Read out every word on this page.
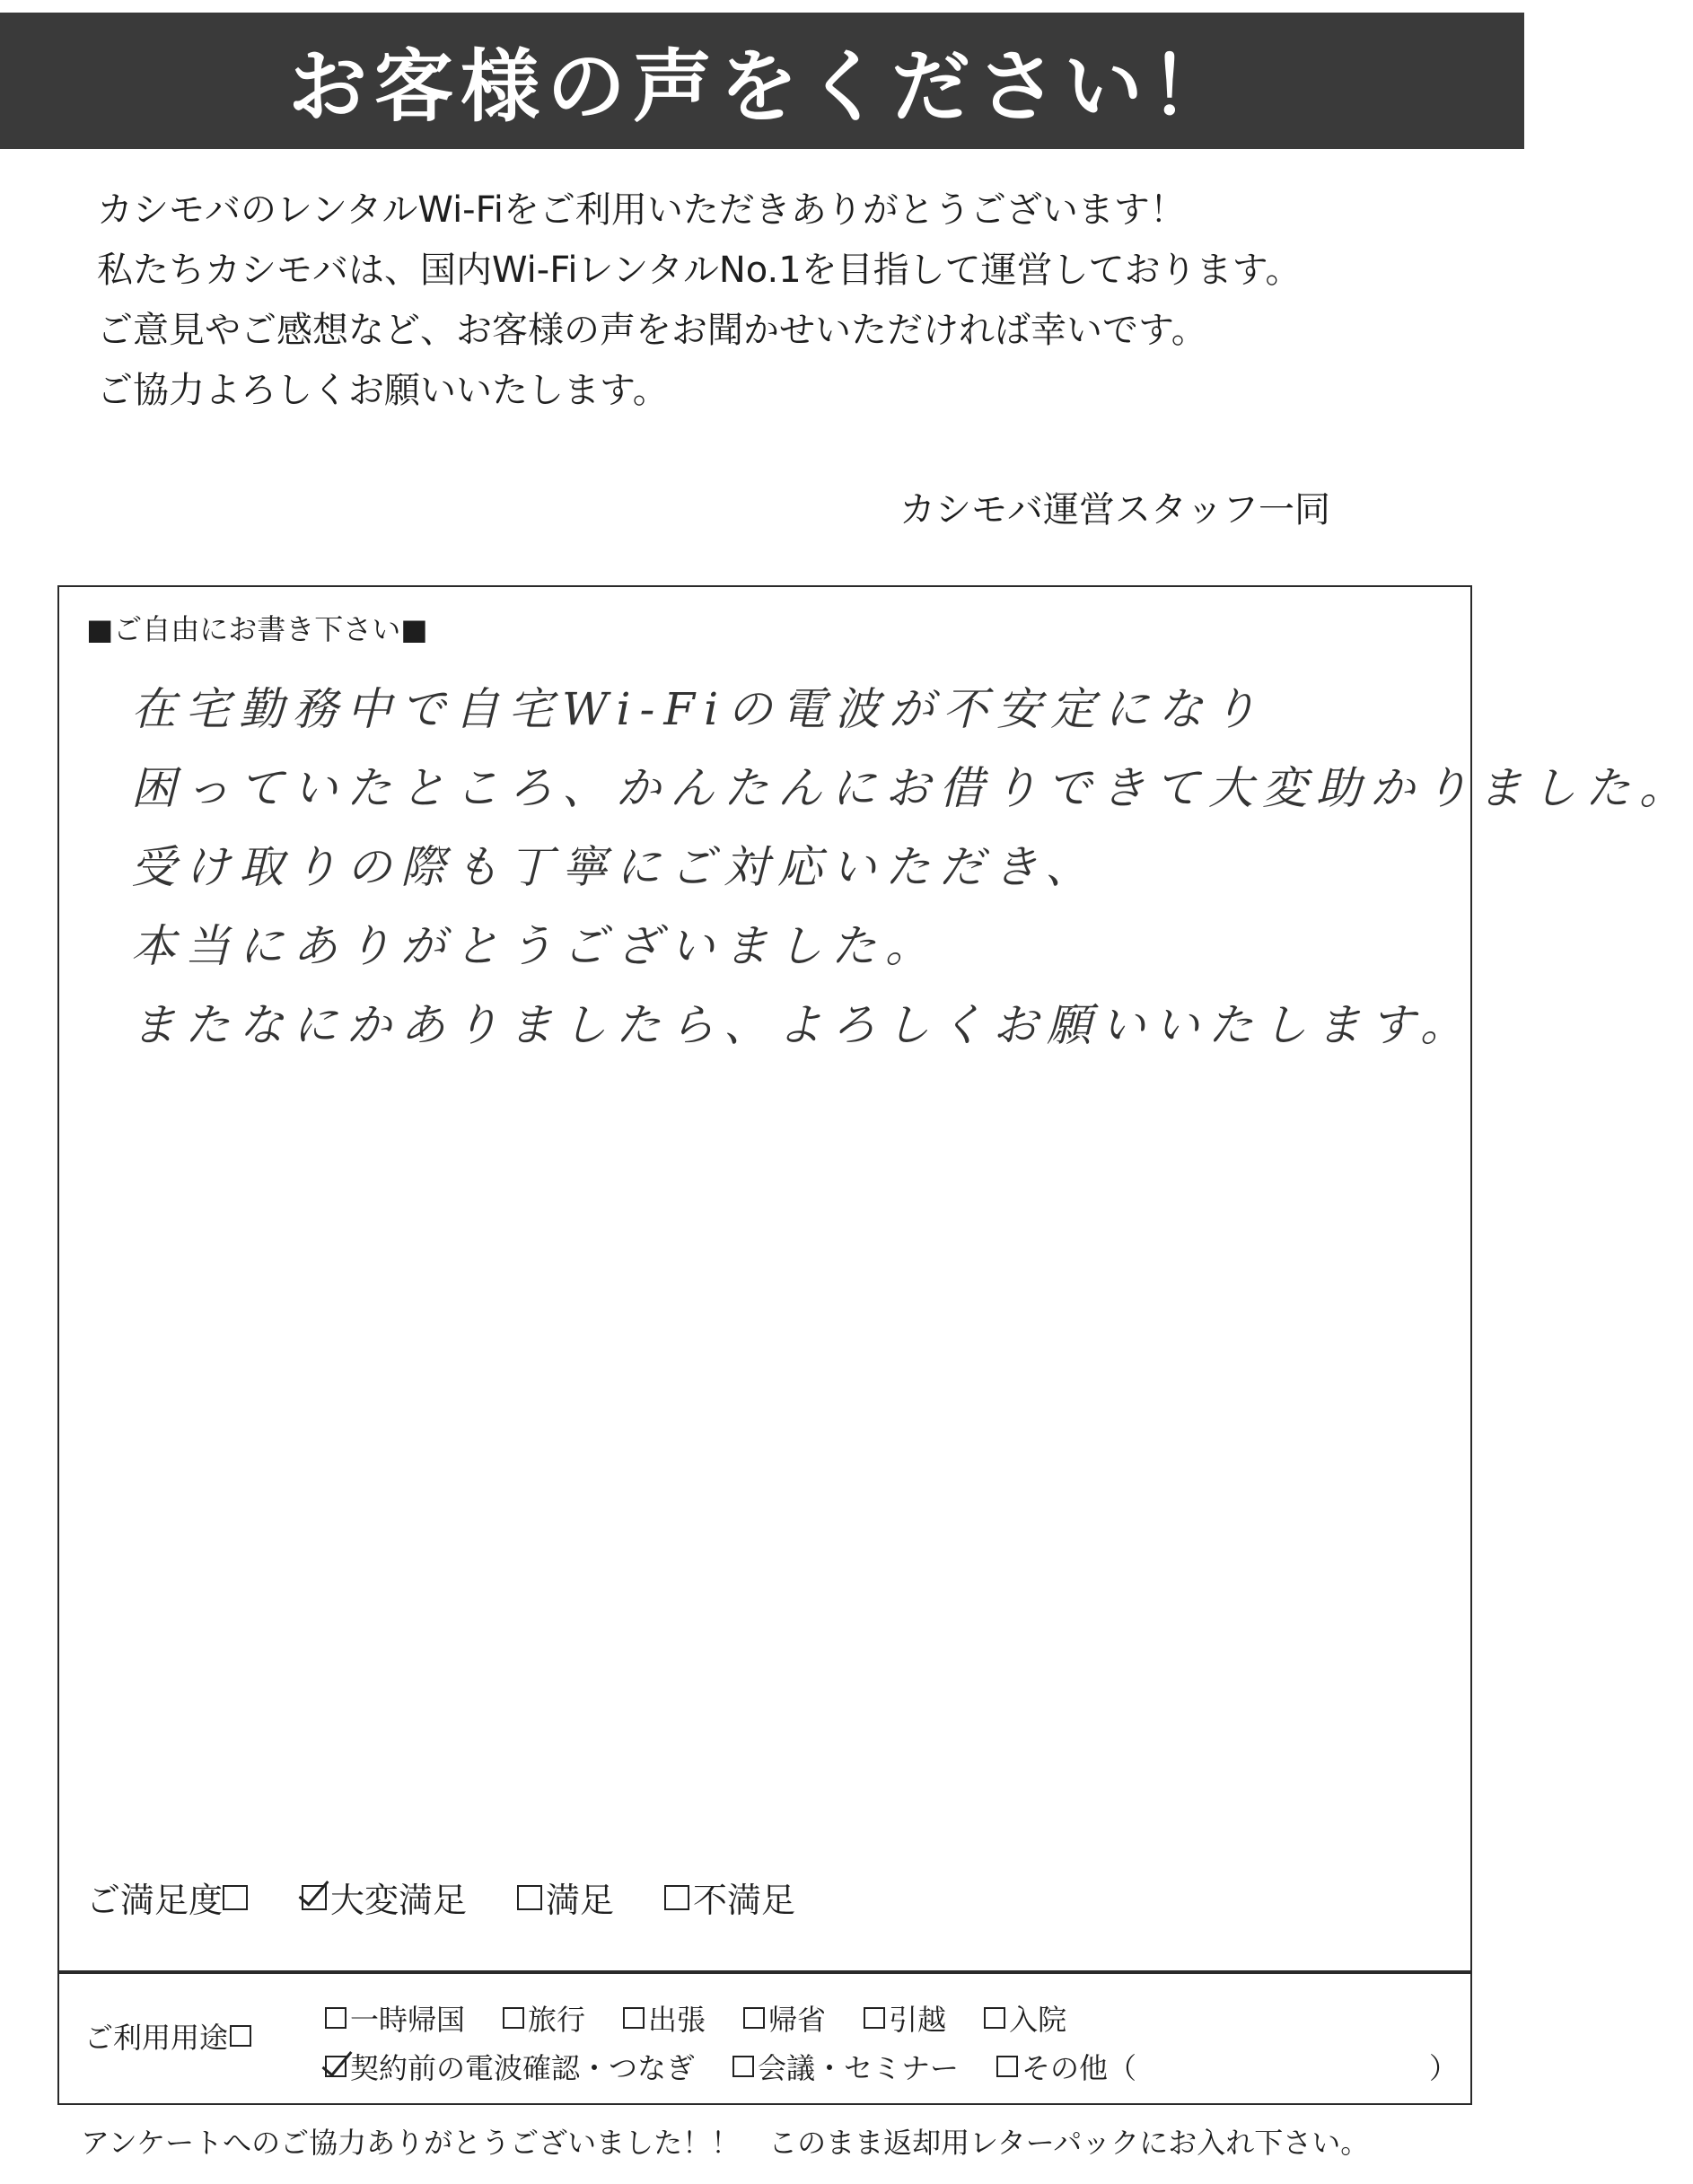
お客様の声をください！
カシモバのレンタルWi-Fiをご利用いただきありがとうございます！
私たちカシモバは、国内Wi-FiレンタルNo.1を目指して運営しております。
ご意見やご感想など、お客様の声をお聞かせいただければ幸いです。
ご協力よろしくお願いいたします。
カシモバ運営スタッフ一同
■ご自由にお書き下さい■
在宅勤務中で自宅Wi-Fiの電波が不安定になり
困っていたところ、かんたんにお借りできて大変助かりました。
受け取りの際も丁寧にご対応いただき、
本当にありがとうございました。
またなにかありましたら、よろしくお願いいたします。
ご満足度	大変満足 満足 不満足
ご利用用途
一時帰国 旅行 出張 帰省 引越 入院
契約前の電波確認・つなぎ 会議・セミナー その他（	）
アンケートへのご協力ありがとうございました！！　このまま返却用レターパックにお入れ下さい。
